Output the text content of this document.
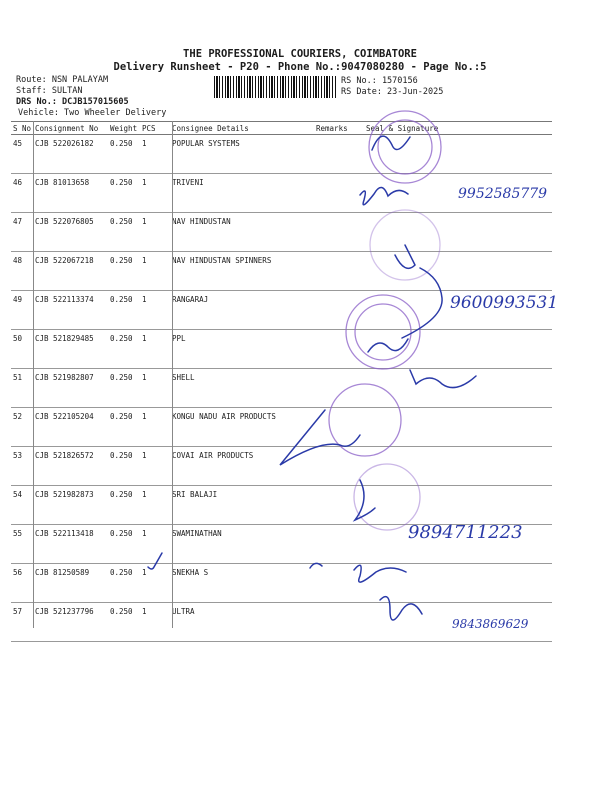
THE PROFESSIONAL COURIERS, COIMBATORE
Delivery Runsheet - P20 - Phone No.:9047080280 - Page No.:5
Route: NSN PALAYAM
Staff: SULTAN
DRS No.: DCJB157015605
Vehicle: Two Wheeler Delivery
RS No.: 1570156
RS Date: 23-Jun-2025
S No	Consignment No	Weight	PCS	Consignee Details	Remarks	Seal & Signature
45	CJB 522026182	0.250	1	POPULAR SYSTEMS		
46	CJB 81013658	0.250	1	TRIVENI		
47	CJB 522076805	0.250	1	NAV HINDUSTAN		
48	CJB 522067218	0.250	1	NAV HINDUSTAN SPINNERS		
49	CJB 522113374	0.250	1	RANGARAJ		
50	CJB 521829485	0.250	1	PPL		
51	CJB 521982807	0.250	1	SHELL		
52	CJB 522105204	0.250	1	KONGU NADU AIR PRODUCTS		
53	CJB 521826572	0.250	1	COVAI AIR PRODUCTS		
54	CJB 521982873	0.250	1	SRI BALAJI		
55	CJB 522113418	0.250	1	SWAMINATHAN		
56	CJB 81250589	0.250	1	SNEKHA S		
57	CJB 521237796	0.250	1	ULTRA		
9952585779
9600993531
9894711223
9843869629
